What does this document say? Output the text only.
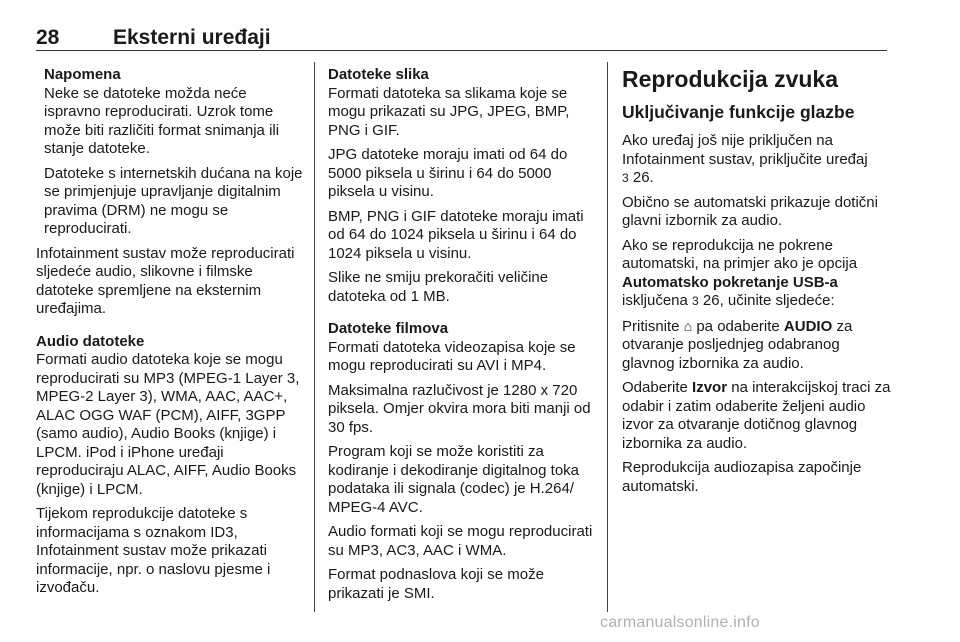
28	Eksterni uređaji
Napomena

Neke se datoteke možda neće ispravno reproducirati. Uzrok tome može biti različiti format snimanja ili stanje datoteke.

Datoteke s internetskih dućana na koje se primjenjuje upravljanje digitalnim pravima (DRM) ne mogu se reproducirati.

Infotainment sustav može reproducirati sljedeće audio, slikovne i filmske datoteke spremljene na eksternim uređajima.

Audio datoteke

Formati audio datoteka koje se mogu reproducirati su MP3 (MPEG-1 Layer 3, MPEG-2 Layer 3), WMA, AAC, AAC+, ALAC OGG WAF (PCM), AIFF, 3GPP (samo audio), Audio Books (knjige) i LPCM. iPod i iPhone uređaji reproduciraju ALAC, AIFF, Audio Books (knjige) i LPCM.

Tijekom reprodukcije datoteke s informacijama s oznakom ID3, Infotainment sustav može prikazati informacije, npr. o naslovu pjesme i izvođaču.

Datoteke slika

Formati datoteka sa slikama koje se mogu prikazati su JPG, JPEG, BMP, PNG i GIF.

JPG datoteke moraju imati od 64 do 5000 piksela u širinu i 64 do 5000 piksela u visinu.

BMP, PNG i GIF datoteke moraju imati od 64 do 1024 piksela u širinu i 64 do 1024 piksela u visinu.

Slike ne smiju prekoračiti veličine datoteka od 1 MB.

Datoteke filmova

Formati datoteka videozapisa koje se mogu reproducirati su AVI i MP4.

Maksimalna razlučivost je 1280 x 720 piksela. Omjer okvira mora biti manji od 30 fps.

Program koji se može koristiti za kodiranje i dekodiranje digitalnog toka podataka ili signala (codec) je H.264/ MPEG-4 AVC.

Audio formati koji se mogu reproducirati su MP3, AC3, AAC i WMA.

Format podnaslova koji se može prikazati je SMI.

Reprodukcija zvuka
Uključivanje funkcije glazbe

Ako uređaj još nije priključen na Infotainment sustav, priključite uređaj
3 26.

Obično se automatski prikazuje dotični glavni izbornik za audio.

Ako se reprodukcija ne pokrene automatski, na primjer ako je opcija Automatsko pokretanje USB-a isključena 3 26, učinite sljedeće:

Pritisnite ⌂ pa odaberite AUDIO za otvaranje posljednjeg odabranog glavnog izbornika za audio.

Odaberite Izvor na interakcijskoj traci za odabir i zatim odaberite željeni audio izvor za otvaranje dotičnog glavnog izbornika za audio.

Reprodukcija audiozapisa započinje automatski.

carmanualsonline.info
